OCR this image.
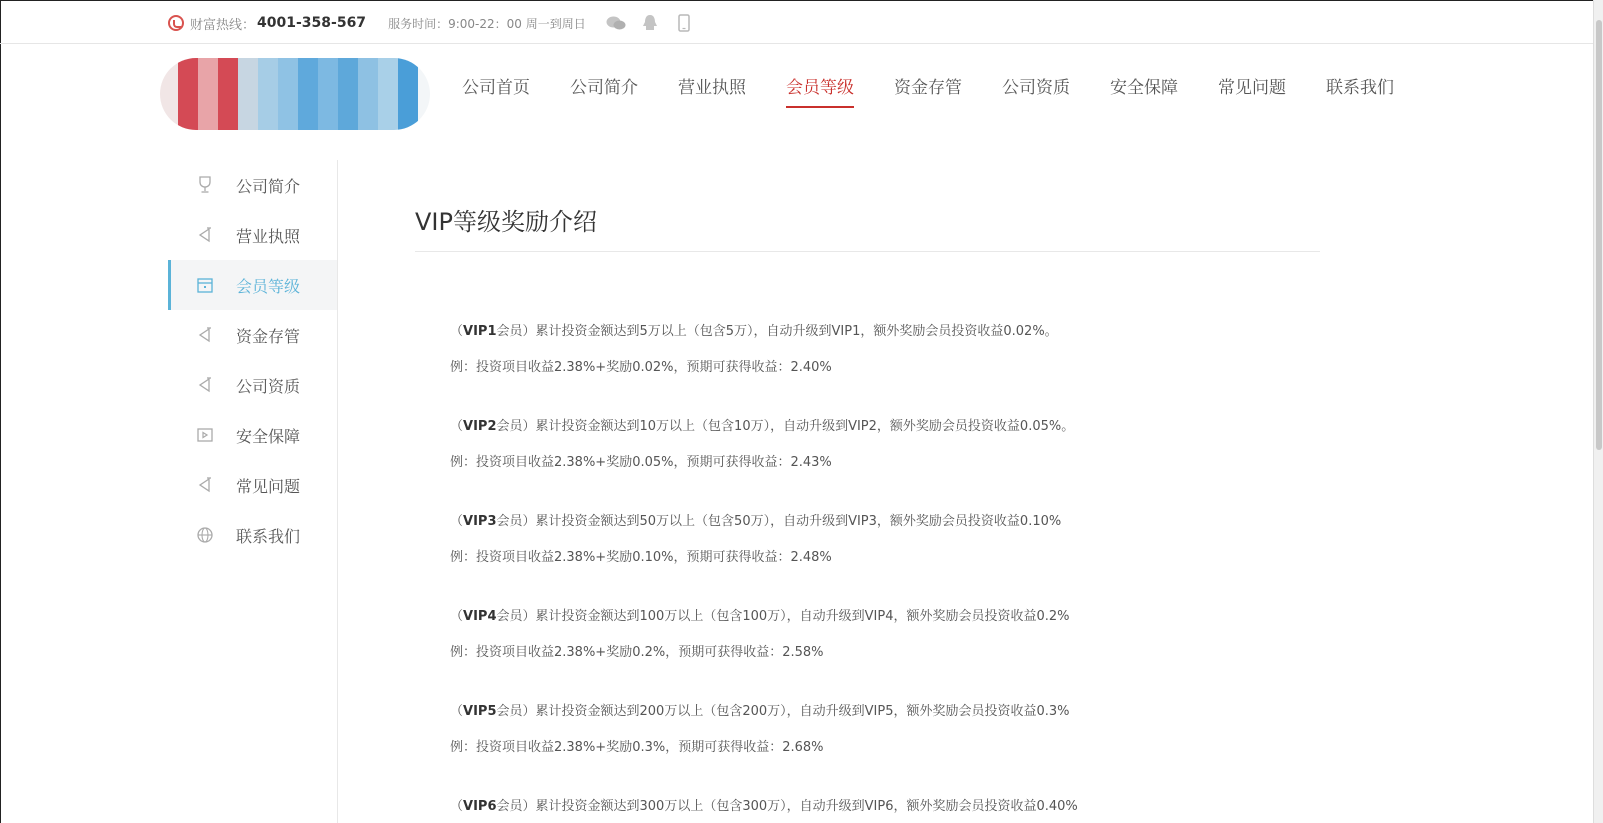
财富热线： 4001-358-567 服务时间：9:00-22：00 周一到周日
公司首页	公司简介	营业执照	会员等级	资金存管	公司资质	安全保障	常见问题	联系我们
公司简介
营业执照
会员等级
资金存管
公司资质
安全保障
常见问题
联系我们
VIP等级奖励介绍
（VIP1会员）累计投资金额达到5万以上（包含5万），自动升级到VIP1，额外奖励会员投资收益0.02%。
例：投资项目收益2.38%+奖励0.02%，预期可获得收益：2.40%
（VIP2会员）累计投资金额达到10万以上（包含10万），自动升级到VIP2，额外奖励会员投资收益0.05%。
例：投资项目收益2.38%+奖励0.05%，预期可获得收益：2.43%
（VIP3会员）累计投资金额达到50万以上（包含50万），自动升级到VIP3，额外奖励会员投资收益0.10%
例：投资项目收益2.38%+奖励0.10%，预期可获得收益：2.48%
（VIP4会员）累计投资金额达到100万以上（包含100万），自动升级到VIP4，额外奖励会员投资收益0.2%
例：投资项目收益2.38%+奖励0.2%，预期可获得收益：2.58%
（VIP5会员）累计投资金额达到200万以上（包含200万），自动升级到VIP5，额外奖励会员投资收益0.3%
例：投资项目收益2.38%+奖励0.3%，预期可获得收益：2.68%
（VIP6会员）累计投资金额达到300万以上（包含300万），自动升级到VIP6，额外奖励会员投资收益0.40%
